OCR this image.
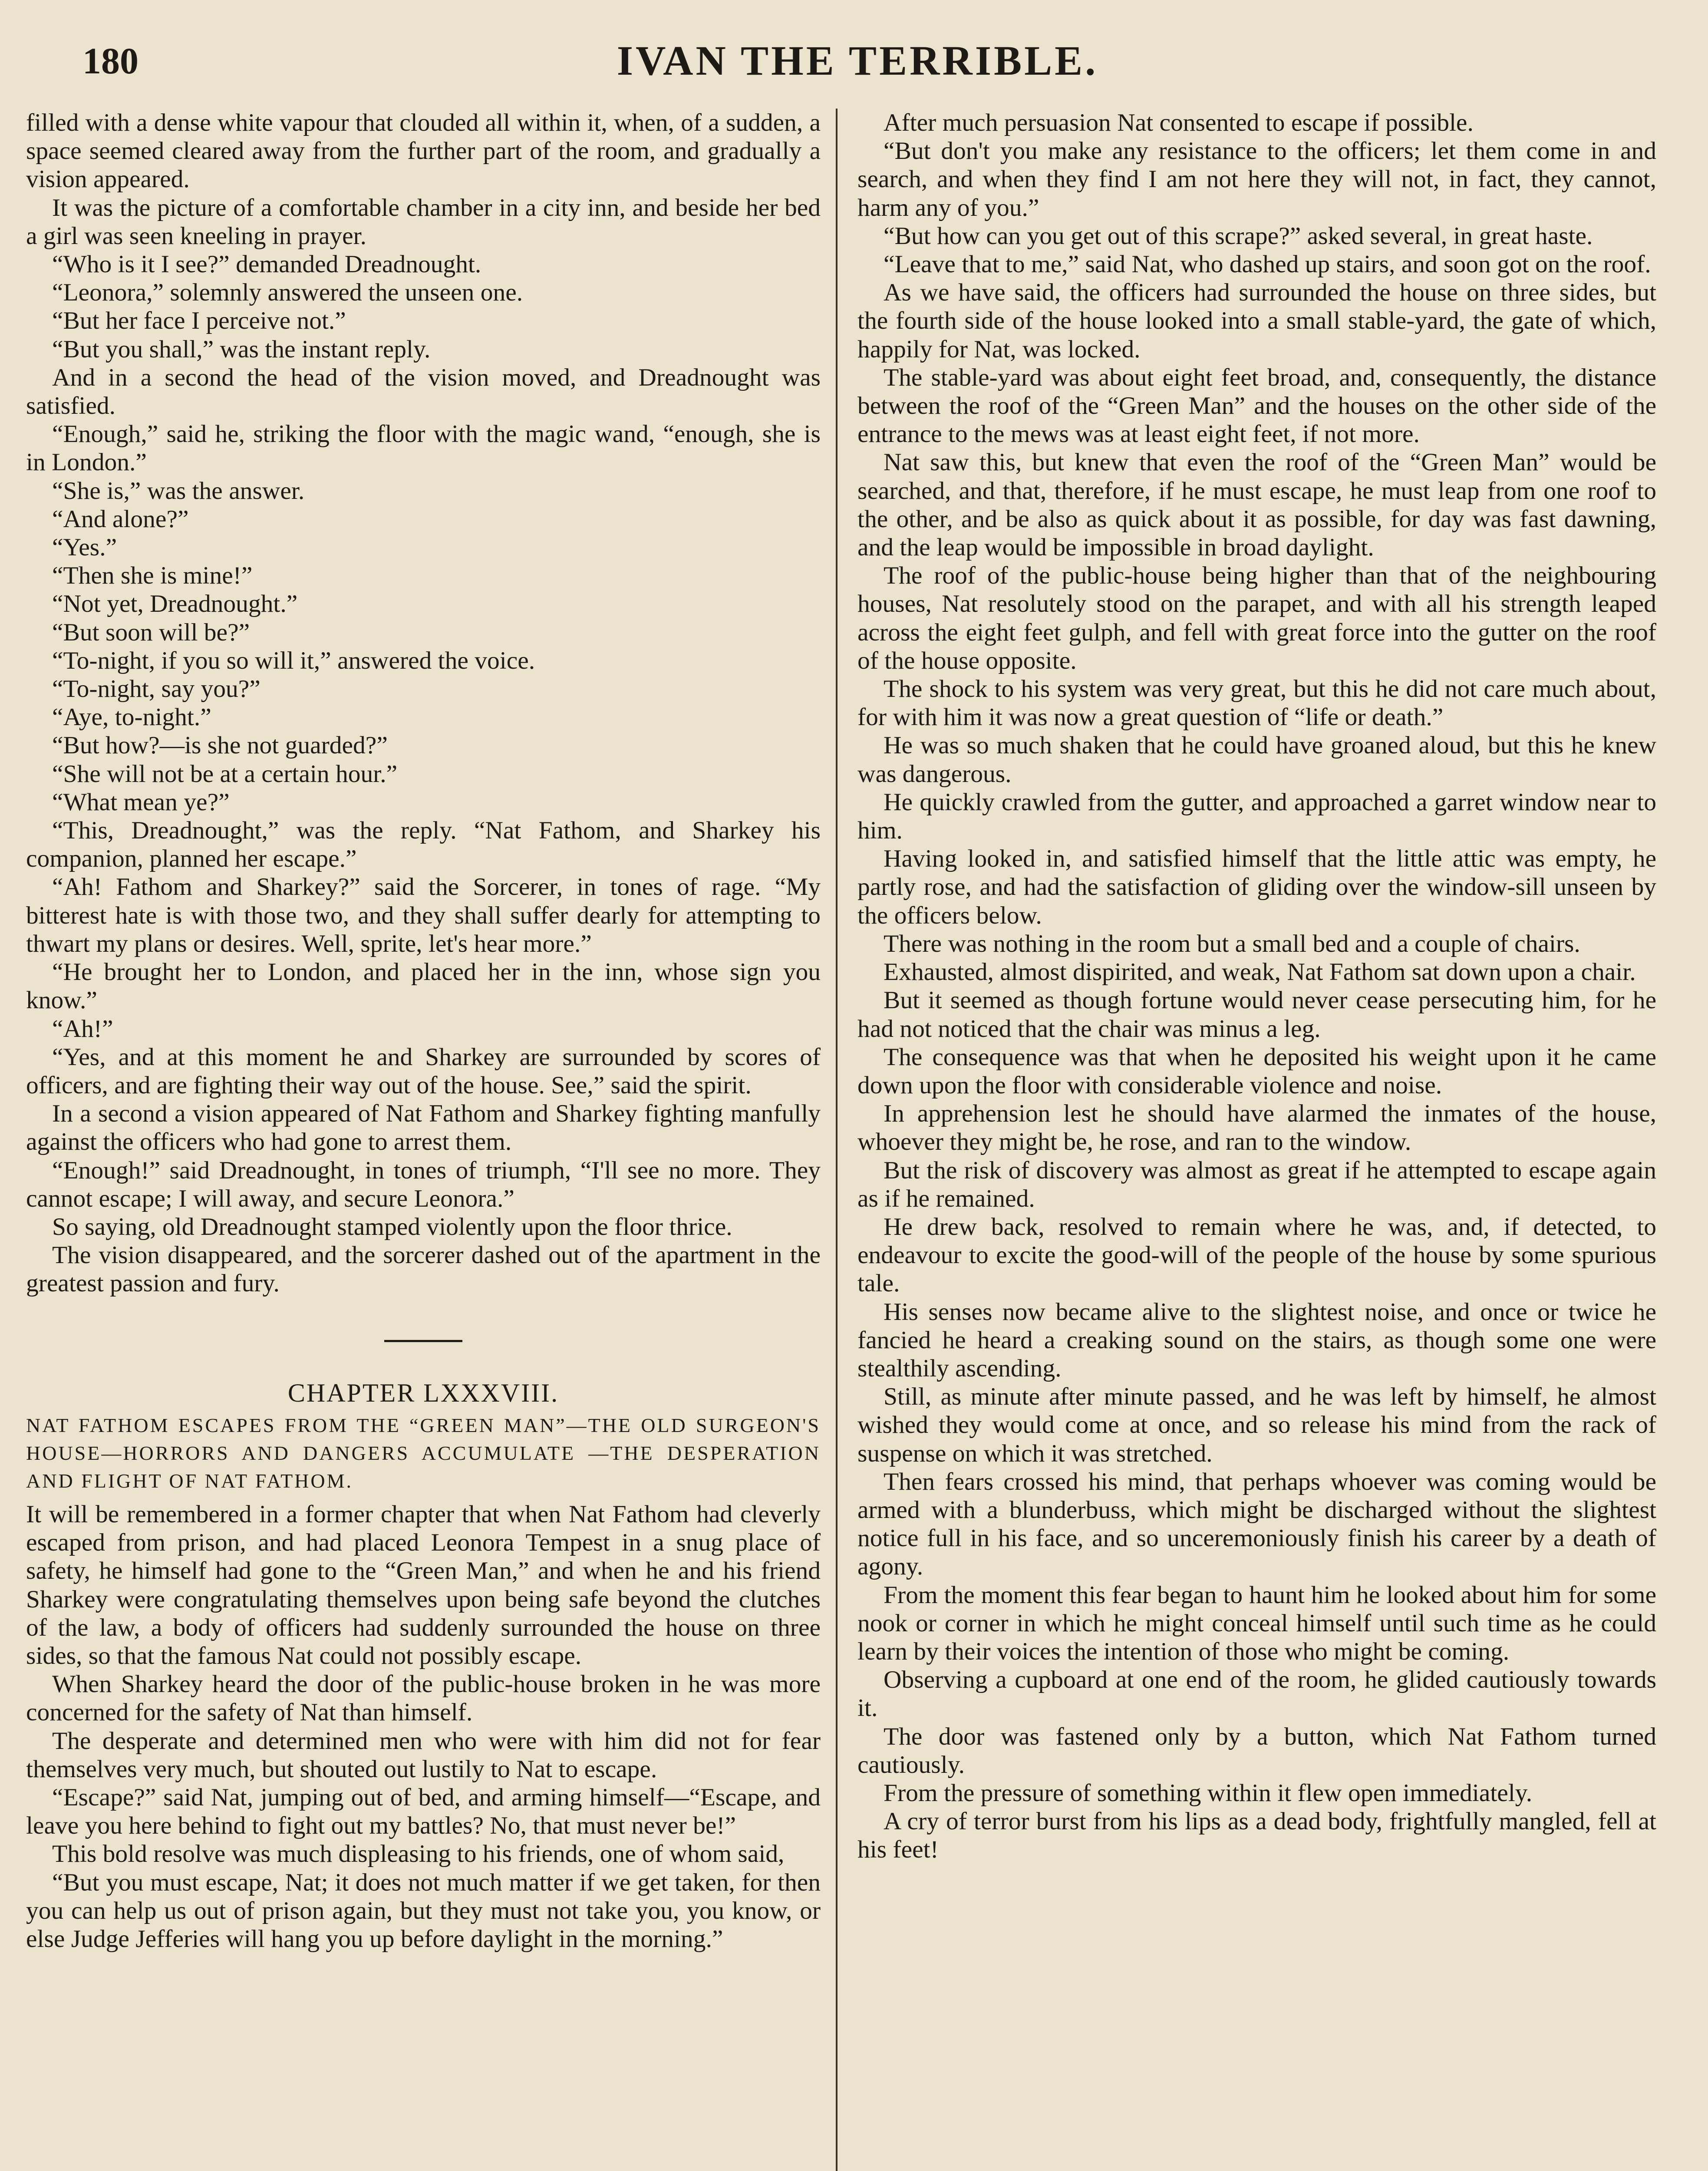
180	IVAN THE TERRIBLE.

filled with a dense white vapour that clouded all within it, when, of a sudden, a space seemed cleared away from the further part of the room, and gradually a vision appeared.

It was the picture of a comfortable chamber in a city inn, and beside her bed a girl was seen kneeling in prayer.

“Who is it I see?” demanded Dreadnought.

“Leonora,” solemnly answered the unseen one.

“But her face I perceive not.”

“But you shall,” was the instant reply.

And in a second the head of the vision moved, and Dreadnought was satisfied.

“Enough,” said he, striking the floor with the magic wand, “enough, she is in London.”

“She is,” was the answer.

“And alone?”

“Yes.”

“Then she is mine!”

“Not yet, Dreadnought.”

“But soon will be?”

“To-night, if you so will it,” answered the voice.

“To-night, say you?”

“Aye, to-night.”

“But how?—is she not guarded?”

“She will not be at a certain hour.”

“What mean ye?”

“This, Dreadnought,” was the reply. “Nat Fathom, and Sharkey his companion, planned her escape.”

“Ah! Fathom and Sharkey?” said the Sorcerer, in tones of rage. “My bitterest hate is with those two, and they shall suffer dearly for attempting to thwart my plans or desires. Well, sprite, let's hear more.”

“He brought her to London, and placed her in the inn, whose sign you know.”

“Ah!”

“Yes, and at this moment he and Sharkey are surrounded by scores of officers, and are fighting their way out of the house. See,” said the spirit.

In a second a vision appeared of Nat Fathom and Sharkey fighting manfully against the officers who had gone to arrest them.

“Enough!” said Dreadnought, in tones of triumph, “I'll see no more. They cannot escape; I will away, and secure Leonora.”

So saying, old Dreadnought stamped violently upon the floor thrice.

The vision disappeared, and the sorcerer dashed out of the apartment in the greatest passion and fury.

CHAPTER LXXXVIII.
NAT FATHOM ESCAPES FROM THE “GREEN MAN”—THE OLD SURGEON'S HOUSE—HORRORS AND DANGERS ACCUMULATE —THE DESPERATION AND FLIGHT OF NAT FATHOM.

It will be remembered in a former chapter that when Nat Fathom had cleverly escaped from prison, and had placed Leonora Tempest in a snug place of safety, he himself had gone to the “Green Man,” and when he and his friend Sharkey were congratulating themselves upon being safe beyond the clutches of the law, a body of officers had suddenly surrounded the house on three sides, so that the famous Nat could not possibly escape.

When Sharkey heard the door of the public-house broken in he was more concerned for the safety of Nat than himself.

The desperate and determined men who were with him did not for fear themselves very much, but shouted out lustily to Nat to escape.

“Escape?” said Nat, jumping out of bed, and arming himself—“Escape, and leave you here behind to fight out my battles? No, that must never be!”

This bold resolve was much displeasing to his friends, one of whom said,

“But you must escape, Nat; it does not much matter if we get taken, for then you can help us out of prison again, but they must not take you, you know, or else Judge Jefferies will hang you up before daylight in the morning.”

After much persuasion Nat consented to escape if possible.

“But don't you make any resistance to the officers; let them come in and search, and when they find I am not here they will not, in fact, they cannot, harm any of you.”

“But how can you get out of this scrape?” asked several, in great haste.

“Leave that to me,” said Nat, who dashed up stairs, and soon got on the roof.

As we have said, the officers had surrounded the house on three sides, but the fourth side of the house looked into a small stable-yard, the gate of which, happily for Nat, was locked.

The stable-yard was about eight feet broad, and, consequently, the distance between the roof of the “Green Man” and the houses on the other side of the entrance to the mews was at least eight feet, if not more.

Nat saw this, but knew that even the roof of the “Green Man” would be searched, and that, therefore, if he must escape, he must leap from one roof to the other, and be also as quick about it as possible, for day was fast dawning, and the leap would be impossible in broad daylight.

The roof of the public-house being higher than that of the neighbouring houses, Nat resolutely stood on the parapet, and with all his strength leaped across the eight feet gulph, and fell with great force into the gutter on the roof of the house opposite.

The shock to his system was very great, but this he did not care much about, for with him it was now a great question of “life or death.”

He was so much shaken that he could have groaned aloud, but this he knew was dangerous.

He quickly crawled from the gutter, and approached a garret window near to him.

Having looked in, and satisfied himself that the little attic was empty, he partly rose, and had the satisfaction of gliding over the window-sill unseen by the officers below.

There was nothing in the room but a small bed and a couple of chairs.

Exhausted, almost dispirited, and weak, Nat Fathom sat down upon a chair.

But it seemed as though fortune would never cease persecuting him, for he had not noticed that the chair was minus a leg.

The consequence was that when he deposited his weight upon it he came down upon the floor with considerable violence and noise.

In apprehension lest he should have alarmed the inmates of the house, whoever they might be, he rose, and ran to the window.

But the risk of discovery was almost as great if he attempted to escape again as if he remained.

He drew back, resolved to remain where he was, and, if detected, to endeavour to excite the good-will of the people of the house by some spurious tale.

His senses now became alive to the slightest noise, and once or twice he fancied he heard a creaking sound on the stairs, as though some one were stealthily ascending.

Still, as minute after minute passed, and he was left by himself, he almost wished they would come at once, and so release his mind from the rack of suspense on which it was stretched.

Then fears crossed his mind, that perhaps whoever was coming would be armed with a blunderbuss, which might be discharged without the slightest notice full in his face, and so unceremoniously finish his career by a death of agony.

From the moment this fear began to haunt him he looked about him for some nook or corner in which he might conceal himself until such time as he could learn by their voices the intention of those who might be coming.

Observing a cupboard at one end of the room, he glided cautiously towards it.

The door was fastened only by a button, which Nat Fathom turned cautiously.

From the pressure of something within it flew open immediately.

A cry of terror burst from his lips as a dead body, frightfully mangled, fell at his feet!
